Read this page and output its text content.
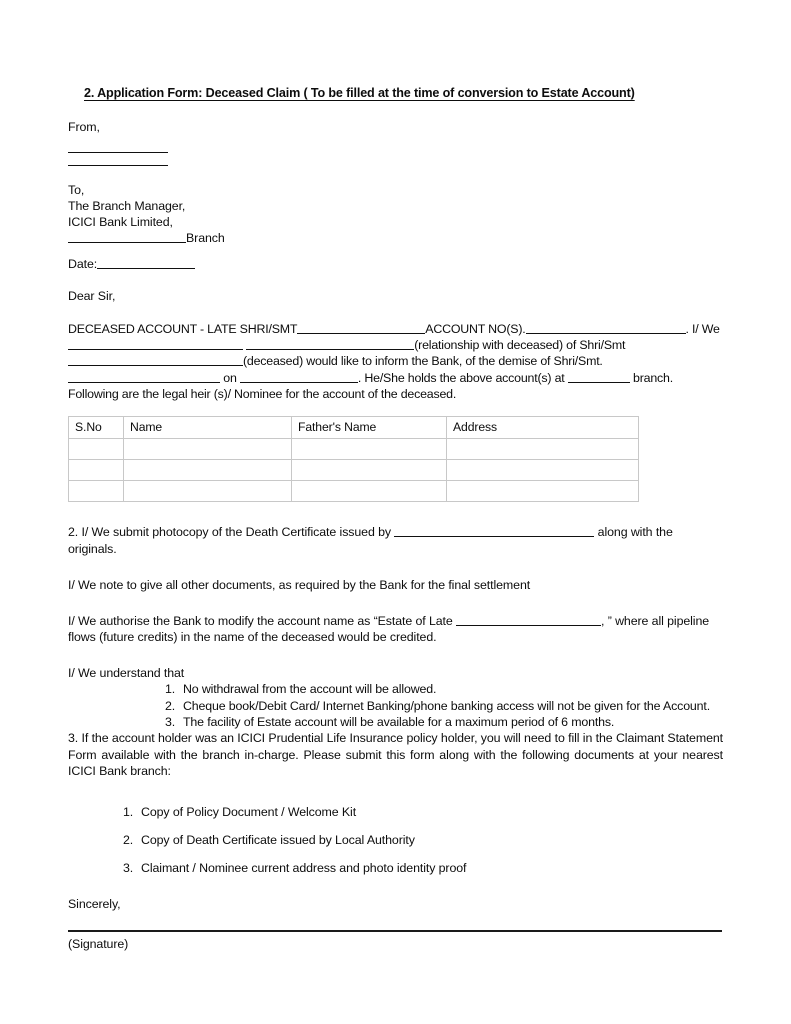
2. Application Form: Deceased Claim ( To be filled at the time of conversion to Estate Account)
From,
To,
The Branch Manager,
ICICI Bank Limited,
Branch
Date:
Dear Sir,
DECEASED ACCOUNT - LATE SHRI/SMT	ACCOUNT NO(S).	. I/ We (relationship with deceased) of Shri/Smt (deceased) would like to inform the Bank, of the demise of Shri/Smt.  on	. He/She holds the above account(s) at	branch. Following are the legal heir (s)/ Nominee for the account of the deceased.
S.No	Name	Father's Name	Address

2. I/ We submit photocopy of the Death Certificate issued by	along with the originals.
I/ We note to give all other documents, as required by the Bank for the final settlement
I/ We authorise the Bank to modify the account name as “Estate of Late	, ” where all pipeline flows (future credits) in the name of the deceased would be credited.
I/ We understand that
1. No withdrawal from the account will be allowed.
2. Cheque book/Debit Card/ Internet Banking/phone banking access will not be given for the Account.
3. The facility of Estate account will be available for a maximum period of 6 months.
3. If the account holder was an ICICI Prudential Life Insurance policy holder, you will need to fill in the Claimant Statement Form available with the branch in-charge. Please submit this form along with the following documents at your nearest ICICI Bank branch:
1. Copy of Policy Document / Welcome Kit
2. Copy of Death Certificate issued by Local Authority
3. Claimant / Nominee current address and photo identity proof
Sincerely,
(Signature)
